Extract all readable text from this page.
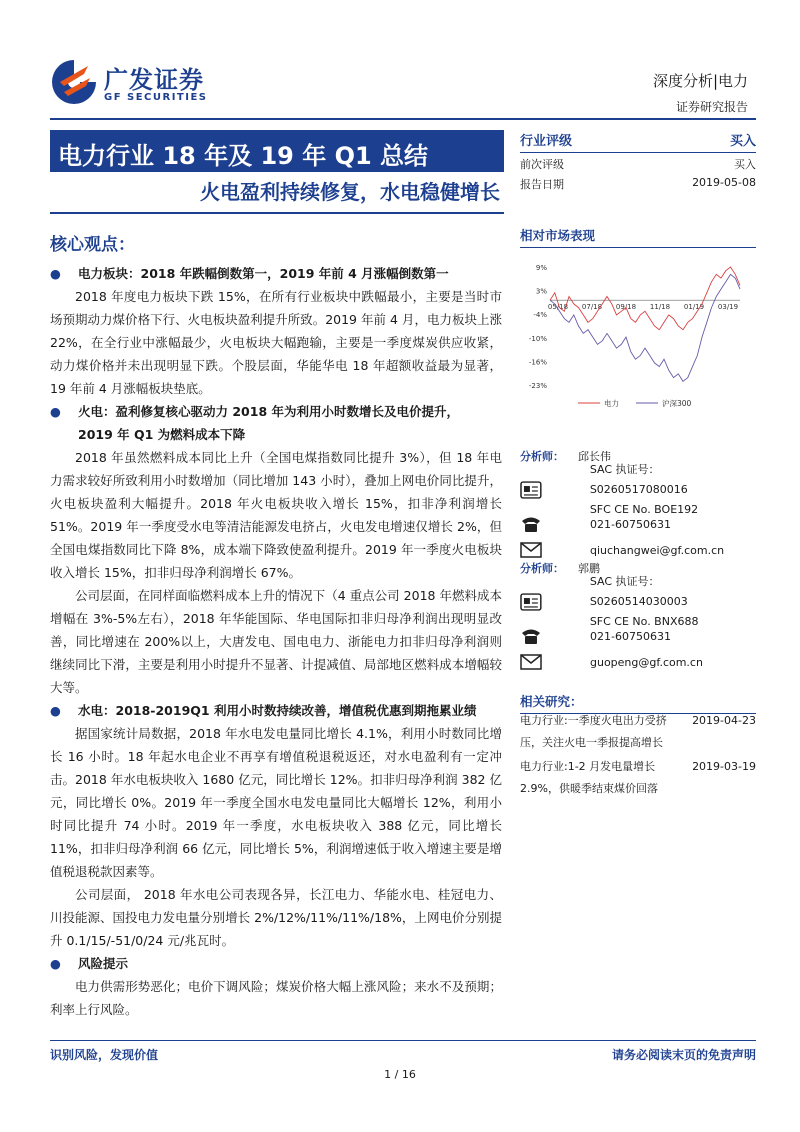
广发证券
GF SECURITIES
深度分析|电力
证券研究报告
电力行业 18 年及 19 年 Q1 总结
火电盈利持续修复，水电稳健增长
核心观点：
●	电力板块：2018 年跌幅倒数第一，2019 年前 4 月涨幅倒数第一

2018 年度电力板块下跌 15%，在所有行业板块中跌幅最小，主要是当时市场预期动力煤价格下行、火电板块盈利提升所致。2019 年前 4 月，电力板块上涨 22%，在全行业中涨幅最少，火电板块大幅跑输，主要是一季度煤炭供应收紧，动力煤价格并未出现明显下跌。个股层面，华能华电 18 年超额收益最为显著，19 年前 4 月涨幅板块垫底。

●	火电：盈利修复核心驱动力 2018 年为利用小时数增长及电价提升，

2019 年 Q1 为燃料成本下降

2018 年虽然燃料成本同比上升（全国电煤指数同比提升 3%），但 18 年电力需求较好所致利用小时数增加（同比增加 143 小时），叠加上网电价同比提升，火电板块盈利大幅提升。2018 年火电板块收入增长 15%，扣非净利润增长 51%。2019 年一季度受水电等清洁能源发电挤占，火电发电增速仅增长 2%，但全国电煤指数同比下降 8%，成本端下降致使盈利提升。2019 年一季度火电板块收入增长 15%，扣非归母净利润增长 67%。

公司层面，在同样面临燃料成本上升的情况下（4 重点公司 2018 年燃料成本增幅在 3%-5%左右），2018 年华能国际、华电国际扣非归母净利润出现明显改善，同比增速在 200%以上，大唐发电、国电电力、浙能电力扣非归母净利润则继续同比下滑，主要是利用小时提升不显著、计提减值、局部地区燃料成本增幅较大等。

●	水电：2018-2019Q1 利用小时数持续改善，增值税优惠到期拖累业绩

据国家统计局数据，2018 年水电发电量同比增长 4.1%，利用小时数同比增长 16 小时。18 年起水电企业不再享有增值税退税返还，对水电盈利有一定冲击。2018 年水电板块收入 1680 亿元，同比增长 12%。扣非归母净利润 382 亿元，同比增长 0%。2019 年一季度全国水电发电量同比大幅增长 12%，利用小时同比提升 74 小时。2019 年一季度，水电板块收入 388 亿元，同比增长 11%，扣非归母净利润 66 亿元，同比增长 5%，利润增速低于收入增速主要是增值税退税款因素等。

公司层面， 2018 年水电公司表现各异，长江电力、华能水电、桂冠电力、川投能源、国投电力发电量分别增长 2%/12%/11%/11%/18%，上网电价分别提升 0.1/15/-51/0/24 元/兆瓦时。

●	风险提示

电力供需形势恶化；电价下调风险；煤炭价格大幅上涨风险；来水不及预期；利率上行风险。

行业评级	买入
前次评级	买入
报告日期	2019-05-08
相对市场表现
9%
3%
-4%
-10%
-16%
-23%
05/18 07/18 09/18 11/18 01/19 03/19
电力	沪深300
分析师： 邱长伟
SAC 执证号：S0260517080016
SFC CE No. BOE192
021-60750631
qiuchangwei@gf.com.cn
分析师： 郭鹏
SAC 执证号：S0260514030003
SFC CE No. BNX688
021-60750631
guopeng@gf.com.cn
相关研究：
电力行业:一季度火电出力受挤压，关注火电一季报提高增长
2019-04-23
电力行业:1-2 月发电量增长 2.9%，供暖季结束煤价回落
2019-03-19
识别风险，发现价值	请务必阅读末页的免责声明
1 / 16
